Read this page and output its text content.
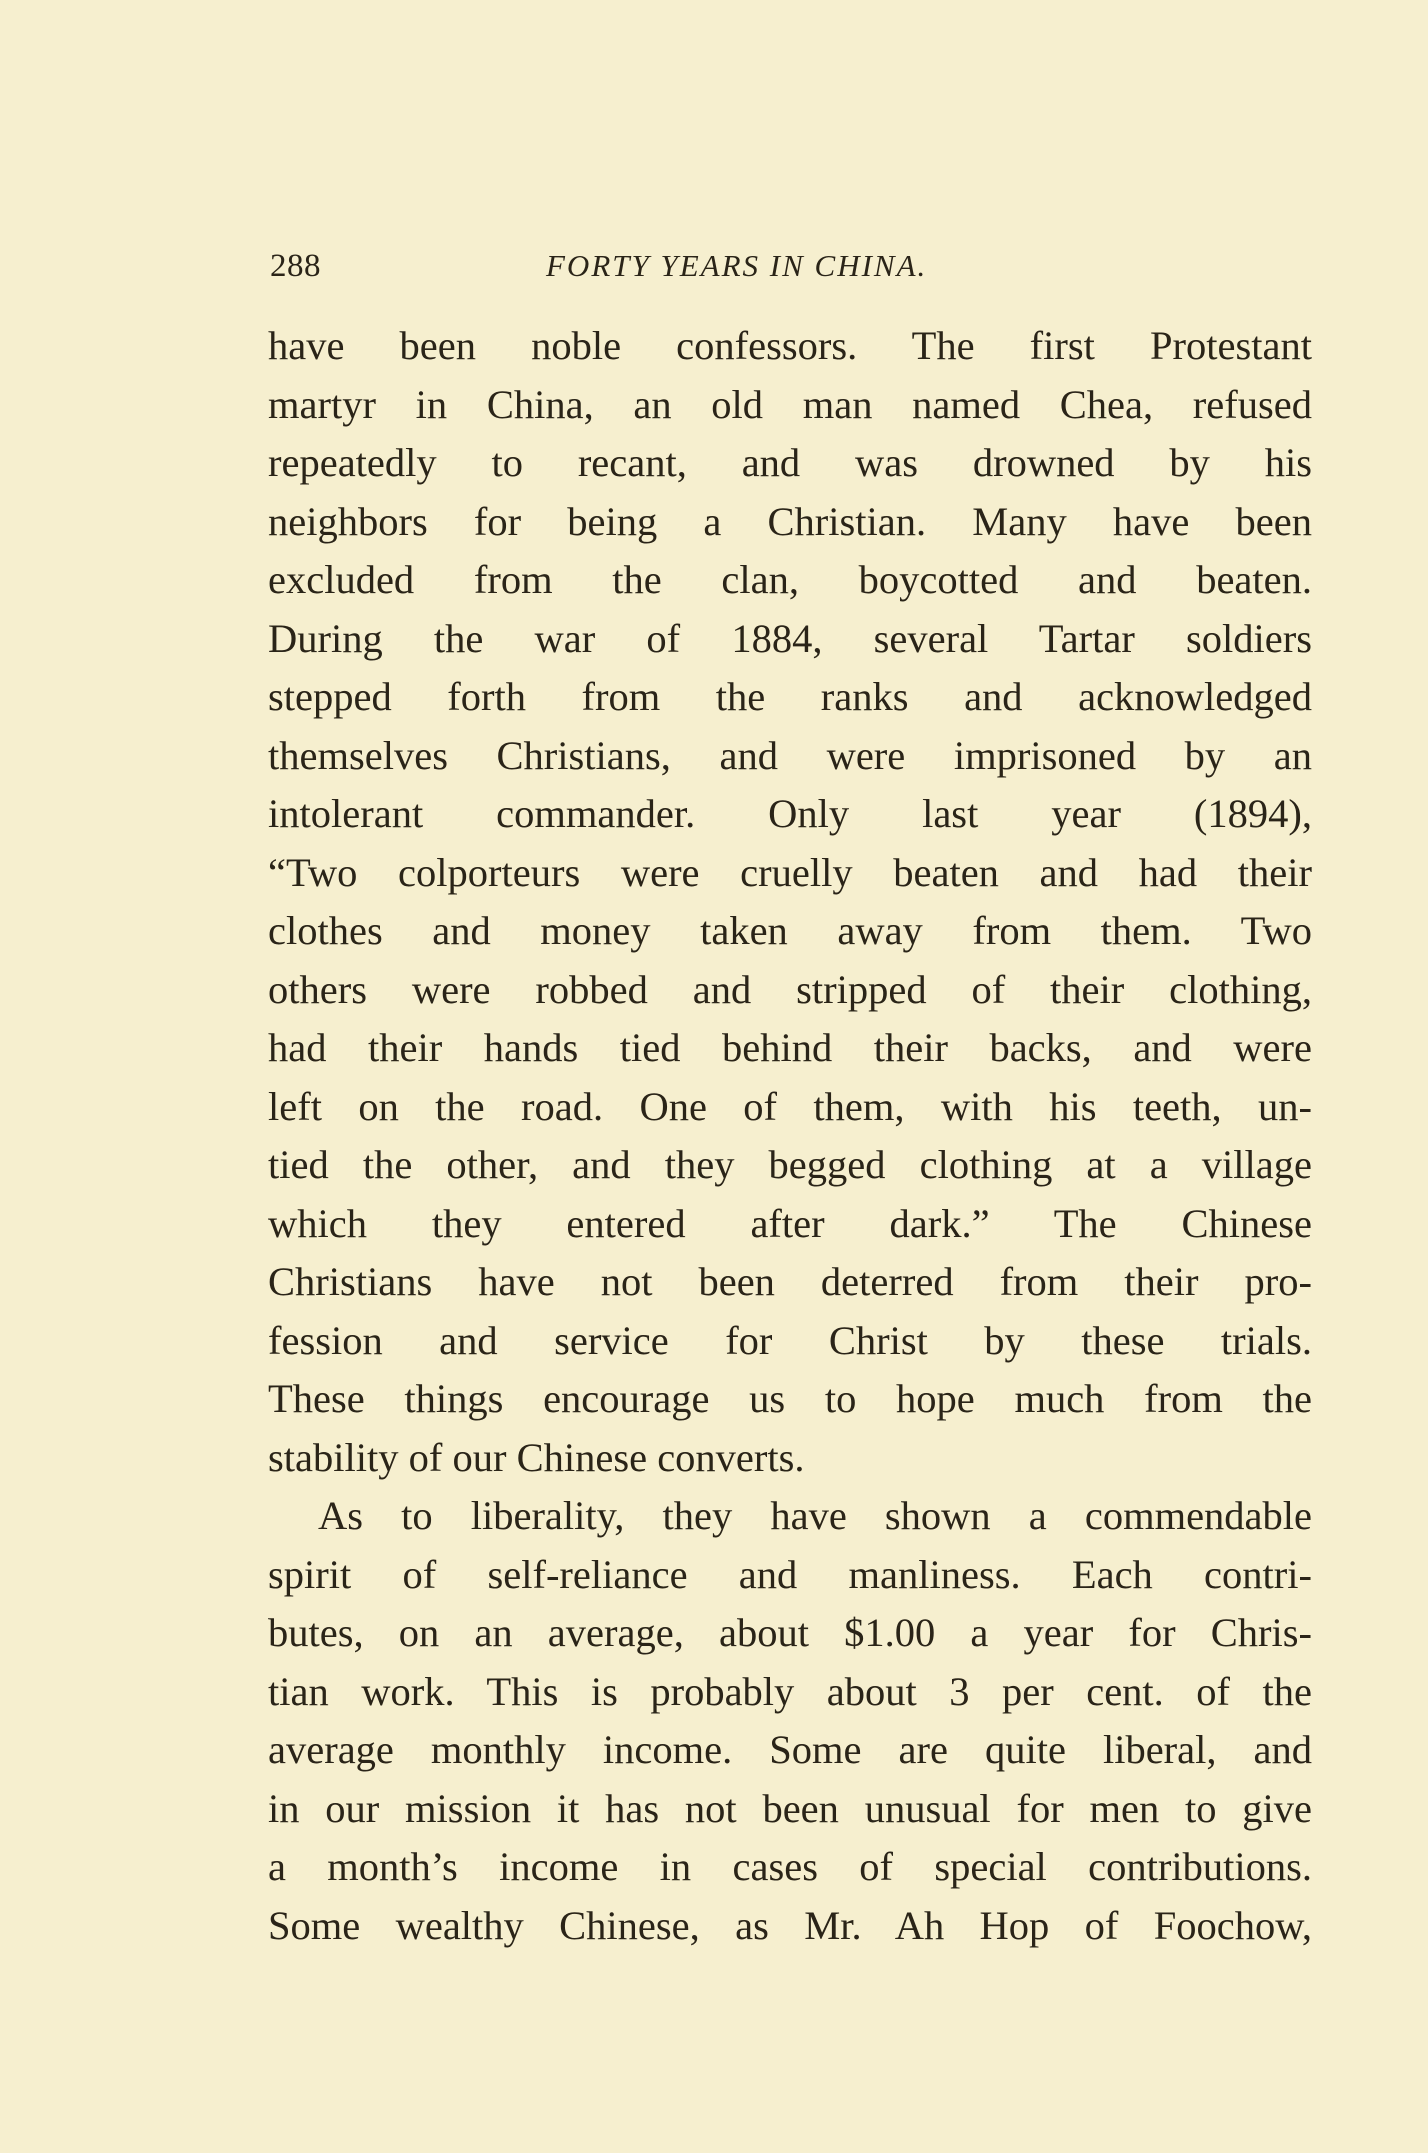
288	FORTY YEARS IN CHINA.
have been noble confessors. The first Protestant
martyr in China, an old man named Chea, refused
repeatedly to recant, and was drowned by his
neighbors for being a Christian. Many have been
excluded from the clan, boycotted and beaten.
During the war of 1884, several Tartar soldiers
stepped forth from the ranks and acknowledged
themselves Christians, and were imprisoned by an
intolerant commander. Only last year (1894),
“Two colporteurs were cruelly beaten and had their
clothes and money taken away from them. Two
others were robbed and stripped of their clothing,
had their hands tied behind their backs, and were
left on the road. One of them, with his teeth, un-
tied the other, and they begged clothing at a village
which they entered after dark.” The Chinese
Christians have not been deterred from their pro-
fession and service for Christ by these trials.
These things encourage us to hope much from the
stability of our Chinese converts.
As to liberality, they have shown a commendable
spirit of self-reliance and manliness. Each contri-
butes, on an average, about $1.00 a year for Chris-
tian work. This is probably about 3 per cent. of the
average monthly income. Some are quite liberal, and
in our mission it has not been unusual for men to give
a month’s income in cases of special contributions.
Some wealthy Chinese, as Mr. Ah Hop of Foochow,
